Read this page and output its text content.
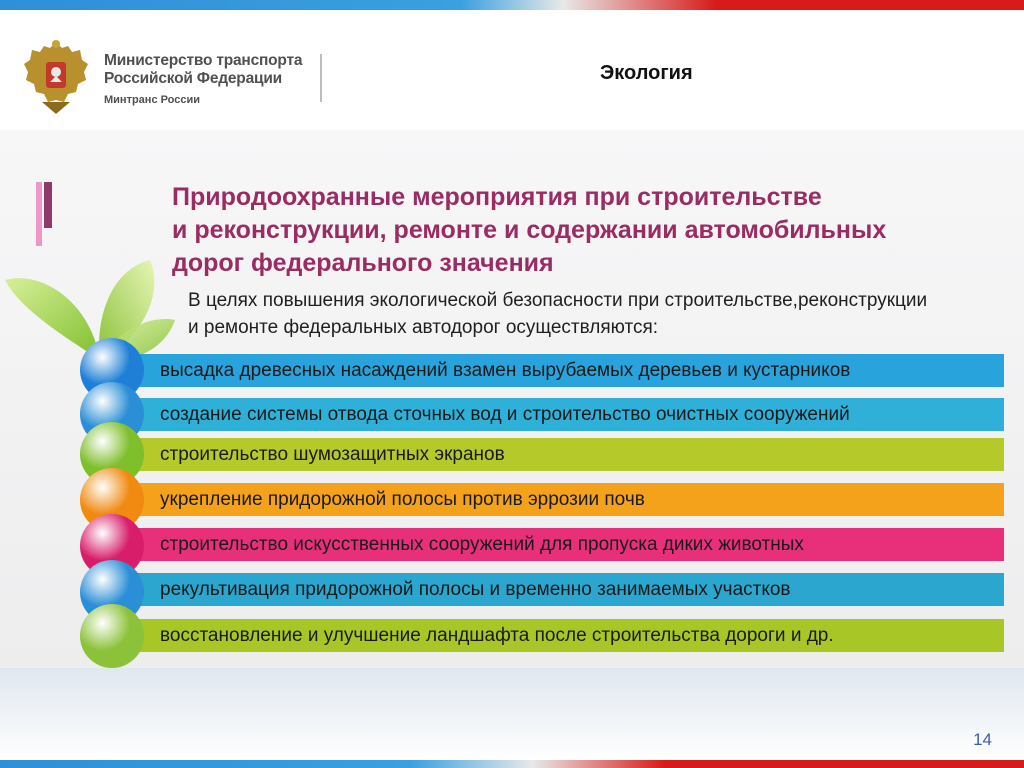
Министерство транспорта
Российской Федерации
Минтранс России
Экология
Природоохранные мероприятия при строительстве
и реконструкции, ремонте и содержании автомобильных
дорог федерального значения
В целях повышения экологической безопасности при строительстве,реконструкции
и ремонте федеральных автодорог осуществляются:
высадка древесных насаждений взамен вырубаемых деревьев и кустарников
создание системы отвода сточных вод и строительство очистных сооружений
строительство шумозащитных экранов
укрепление придорожной полосы против эррозии почв
строительство искусственных сооружений для пропуска диких животных
рекультивация придорожной полосы и временно занимаемых участков
восстановление и улучшение ландшафта после строительства дороги и др.
14
